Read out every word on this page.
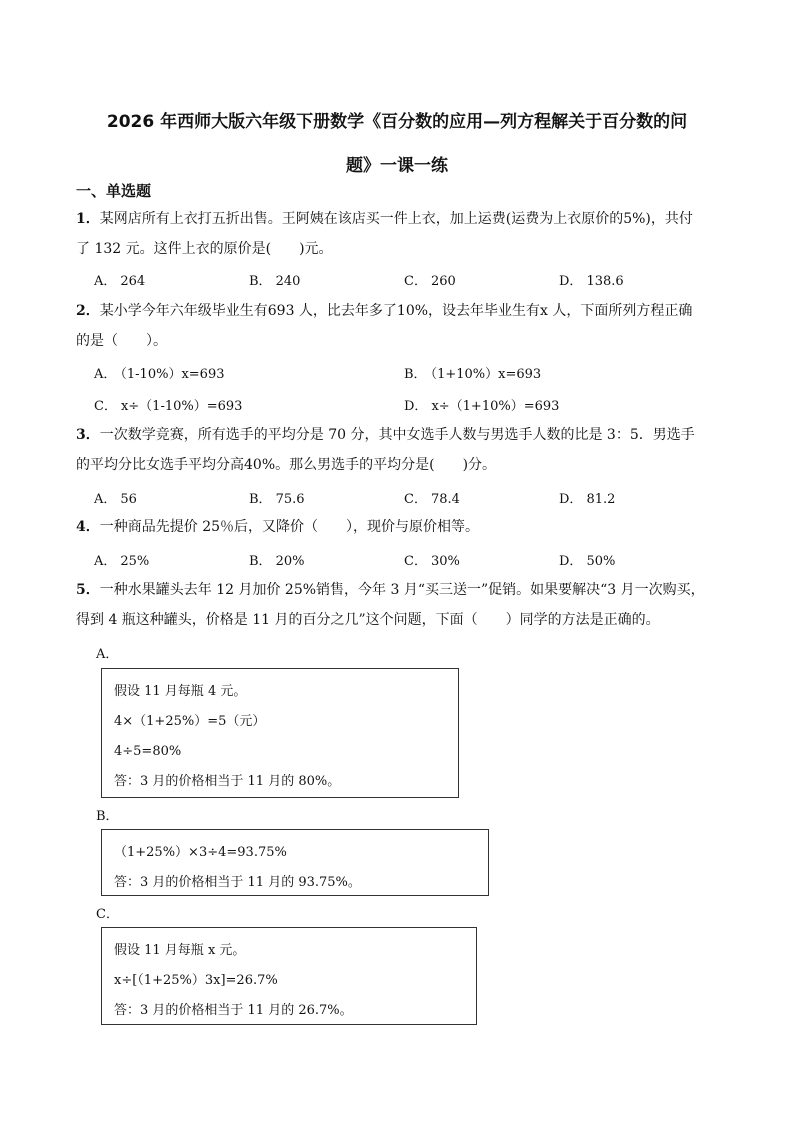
2026 年西师大版六年级下册数学《百分数的应用—列方程解关于百分数的问
题》一课一练
一、单选题
1．某网店所有上衣打五折出售。王阿姨在该店买一件上衣，加上运费(运费为上衣原价的5%)，共付
了 132 元。这件上衣的原价是(　　)元。
A． 264	B． 240	C． 260	D． 138.6
2．某小学今年六年级毕业生有693 人，比去年多了10%，设去年毕业生有x 人，下面所列方程正确
的是（　　）。
A． （1-10%）x=693	B． （1+10%）x=693
C． x÷（1-10%）=693	D． x÷（1+10%）=693
3．一次数学竞赛，所有选手的平均分是 70 分，其中女选手人数与男选手人数的比是 3：5．男选手
的平均分比女选手平均分高40%。那么男选手的平均分是(　　)分。
A． 56	B． 75.6	C． 78.4	D． 81.2
4．一种商品先提价 25％后，又降价（　　），现价与原价相等。
A． 25%	B． 20%	C． 30%	D． 50%
5．一种水果罐头去年 12 月加价 25%销售，今年 3 月“买三送一”促销。如果要解决“3 月一次购买，
得到 4 瓶这种罐头，价格是 11 月的百分之几”这个问题，下面（　　）同学的方法是正确的。
A．
假设 11 月每瓶 4 元。
4×（1+25%）=5（元）
4÷5=80%
答：3 月的价格相当于 11 月的 80%。
B．
（1+25%）×3÷4=93.75%
答：3 月的价格相当于 11 月的 93.75%。
C．
假设 11 月每瓶 x 元。
x÷[（1+25%）3x]=26.7%
答：3 月的价格相当于 11 月的 26.7%。
